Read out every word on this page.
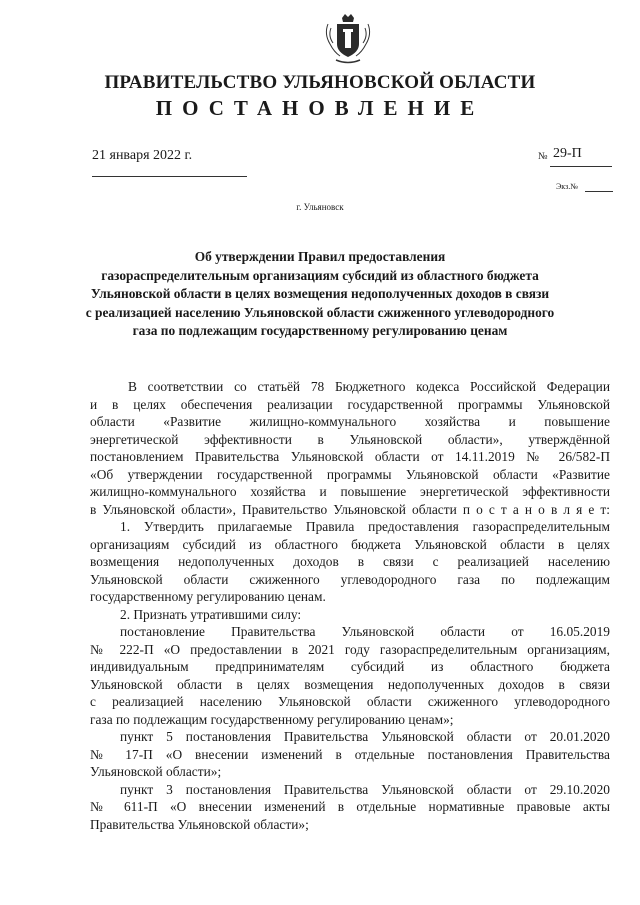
ПРАВИТЕЛЬСТВО УЛЬЯНОВСКОЙ ОБЛАСТИ
ПОСТАНОВЛЕНИЕ
21 января 2022 г.	№ 29-П
Экз.№
г. Ульяновск
Об утверждении Правил предоставления
газораспределительным организациям субсидий из областного бюджета
Ульяновской области в целях возмещения недополученных доходов в связи
с реализацией населению Ульяновской области сжиженного углеводородного
газа по подлежащим государственному регулированию ценам
В соответствии со статьёй 78 Бюджетного кодекса Российской Федерации
и в целях обеспечения реализации государственной программы Ульяновской
области «Развитие жилищно-коммунального хозяйства и повышение
энергетической эффективности в Ульяновской области», утверждённой
постановлением Правительства Ульяновской области от 14.11.2019 № 26/582-П
«Об утверждении государственной программы Ульяновской области «Развитие
жилищно-коммунального хозяйства и повышение энергетической эффективности
в Ульяновской области», Правительство Ульяновской области п о с т а н о в л я е т:
1. Утвердить прилагаемые Правила предоставления газораспределительным
организациям субсидий из областного бюджета Ульяновской области в целях
возмещения недополученных доходов в связи с реализацией населению
Ульяновской области сжиженного углеводородного газа по подлежащим
государственному регулированию ценам.
2. Признать утратившими силу:
постановление Правительства Ульяновской области от 16.05.2019
№ 222-П «О предоставлении в 2021 году газораспределительным организациям,
индивидуальным предпринимателям субсидий из областного бюджета
Ульяновской области в целях возмещения недополученных доходов в связи
с реализацией населению Ульяновской области сжиженного углеводородного
газа по подлежащим государственному регулированию ценам»;
пункт 5 постановления Правительства Ульяновской области от 20.01.2020
№ 17-П «О внесении изменений в отдельные постановления Правительства
Ульяновской области»;
пункт 3 постановления Правительства Ульяновской области от 29.10.2020
№ 611-П «О внесении изменений в отдельные нормативные правовые акты
Правительства Ульяновской области»;
